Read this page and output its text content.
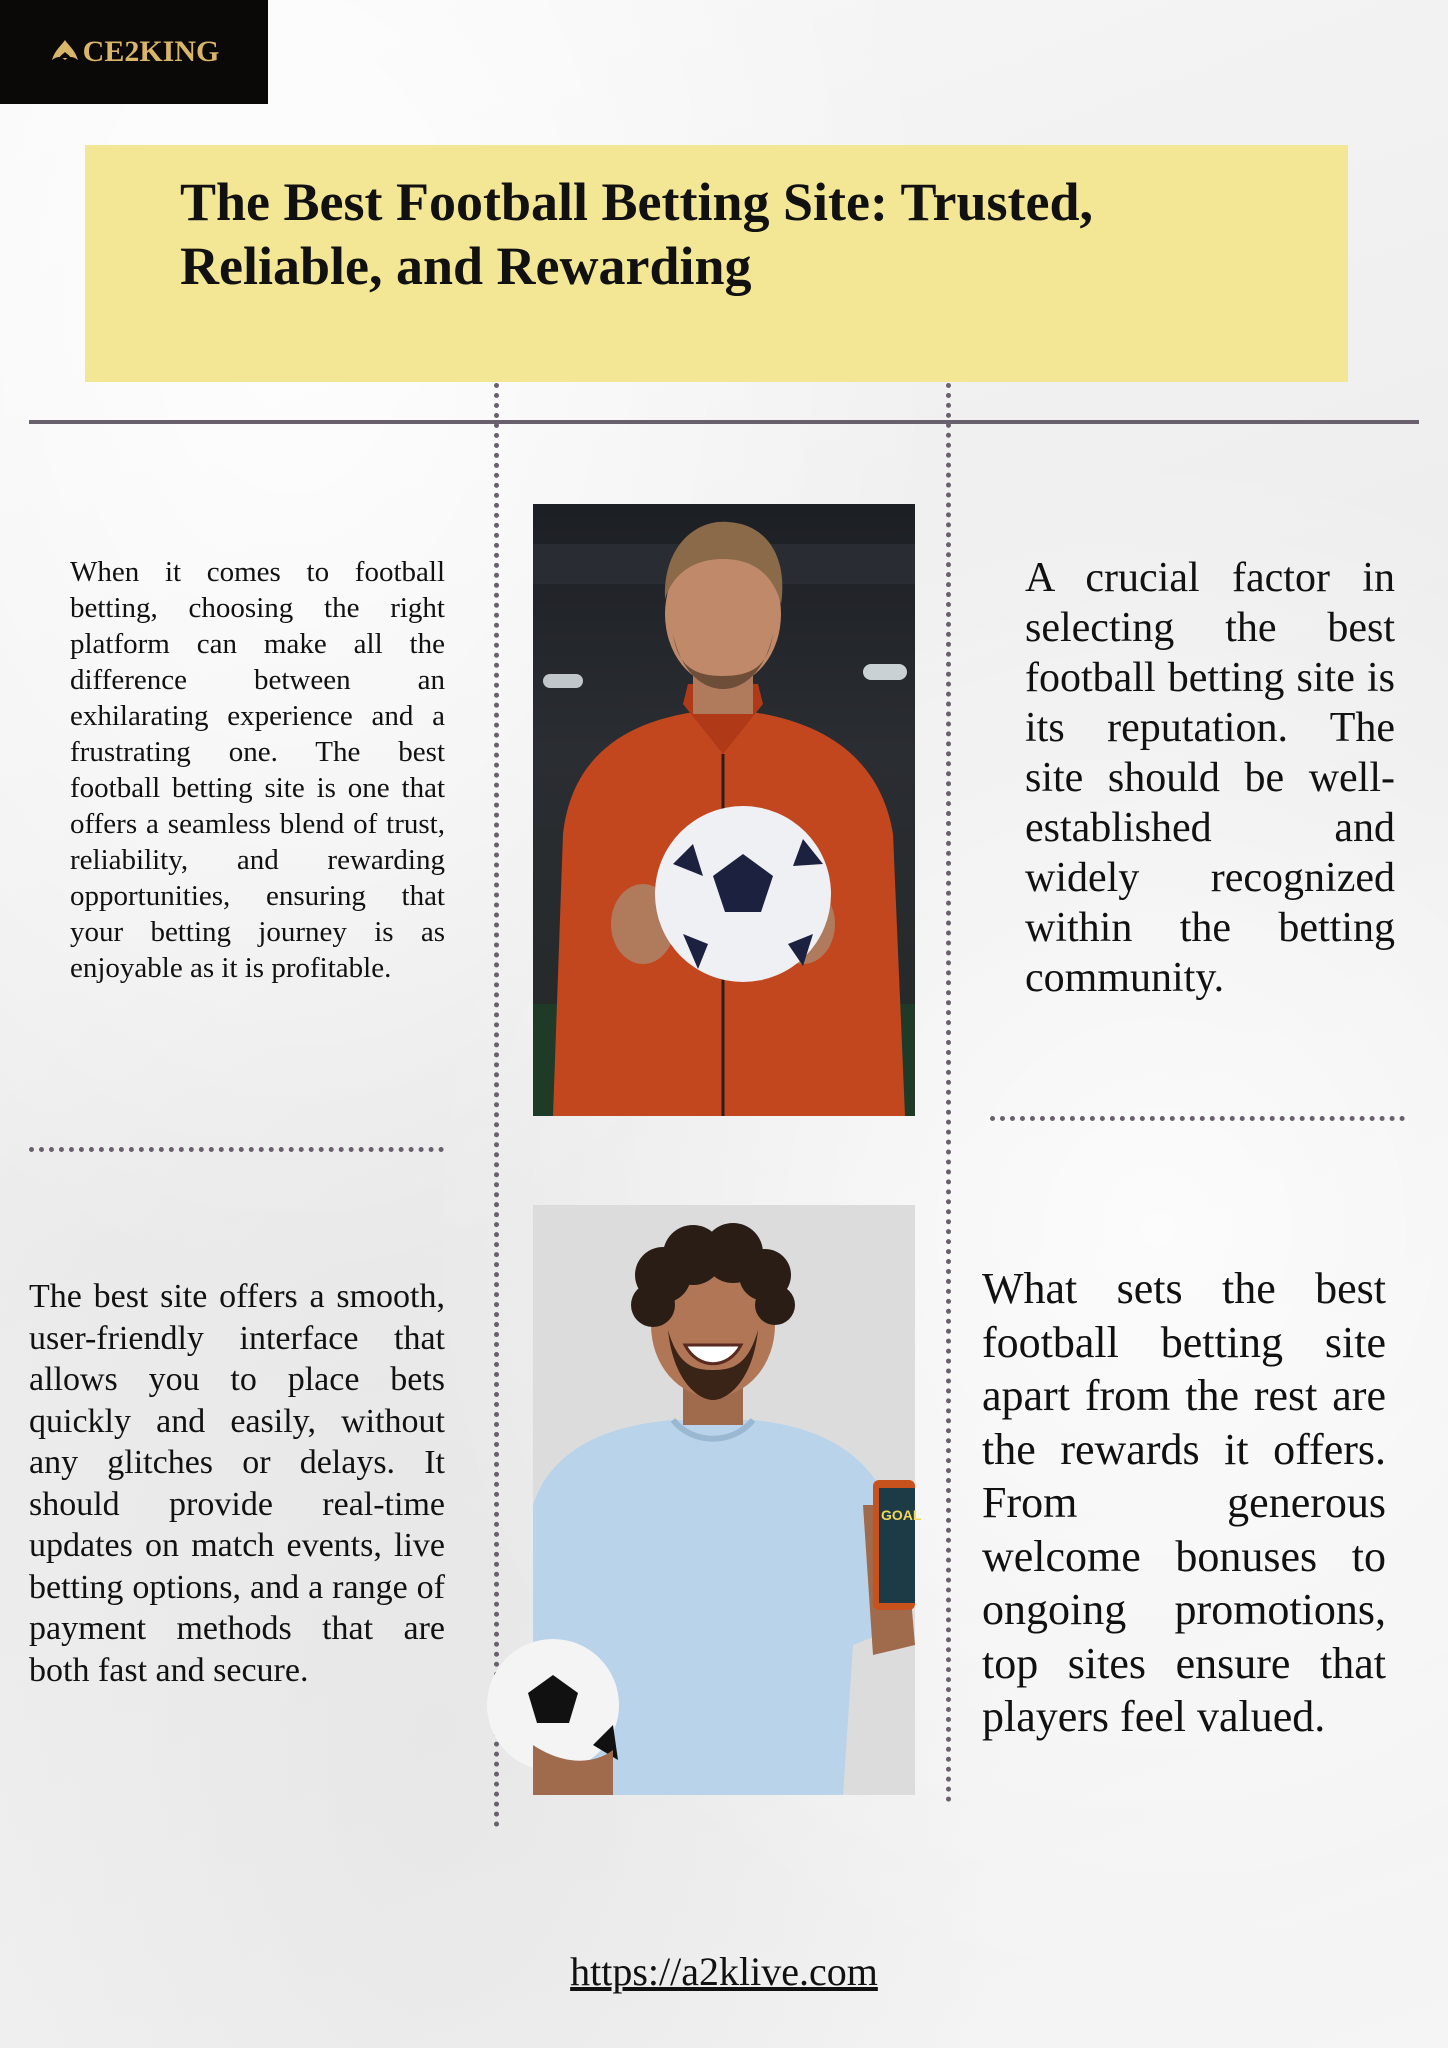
CE2KING
The Best Football Betting Site: Trusted, Reliable, and Rewarding
When it comes to football betting, choosing the right platform can make all the difference between an exhilarating experience and a frustrating one. The best football betting site is one that offers a seamless blend of trust, reliability, and rewarding opportunities, ensuring that your betting journey is as enjoyable as it is profitable.
A crucial factor in selecting the best football betting site is its reputation. The site should be well-established and widely recognized within the betting community.
The best site offers a smooth, user-friendly interface that allows you to place bets quickly and easily, without any glitches or delays. It should provide real-time updates on match events, live betting options, and a range of payment methods that are both fast and secure.
What sets the best football betting site apart from the rest are the rewards it offers. From generous welcome bonuses to ongoing promotions, top sites ensure that players feel valued.
GOAL
https://a2klive.com
